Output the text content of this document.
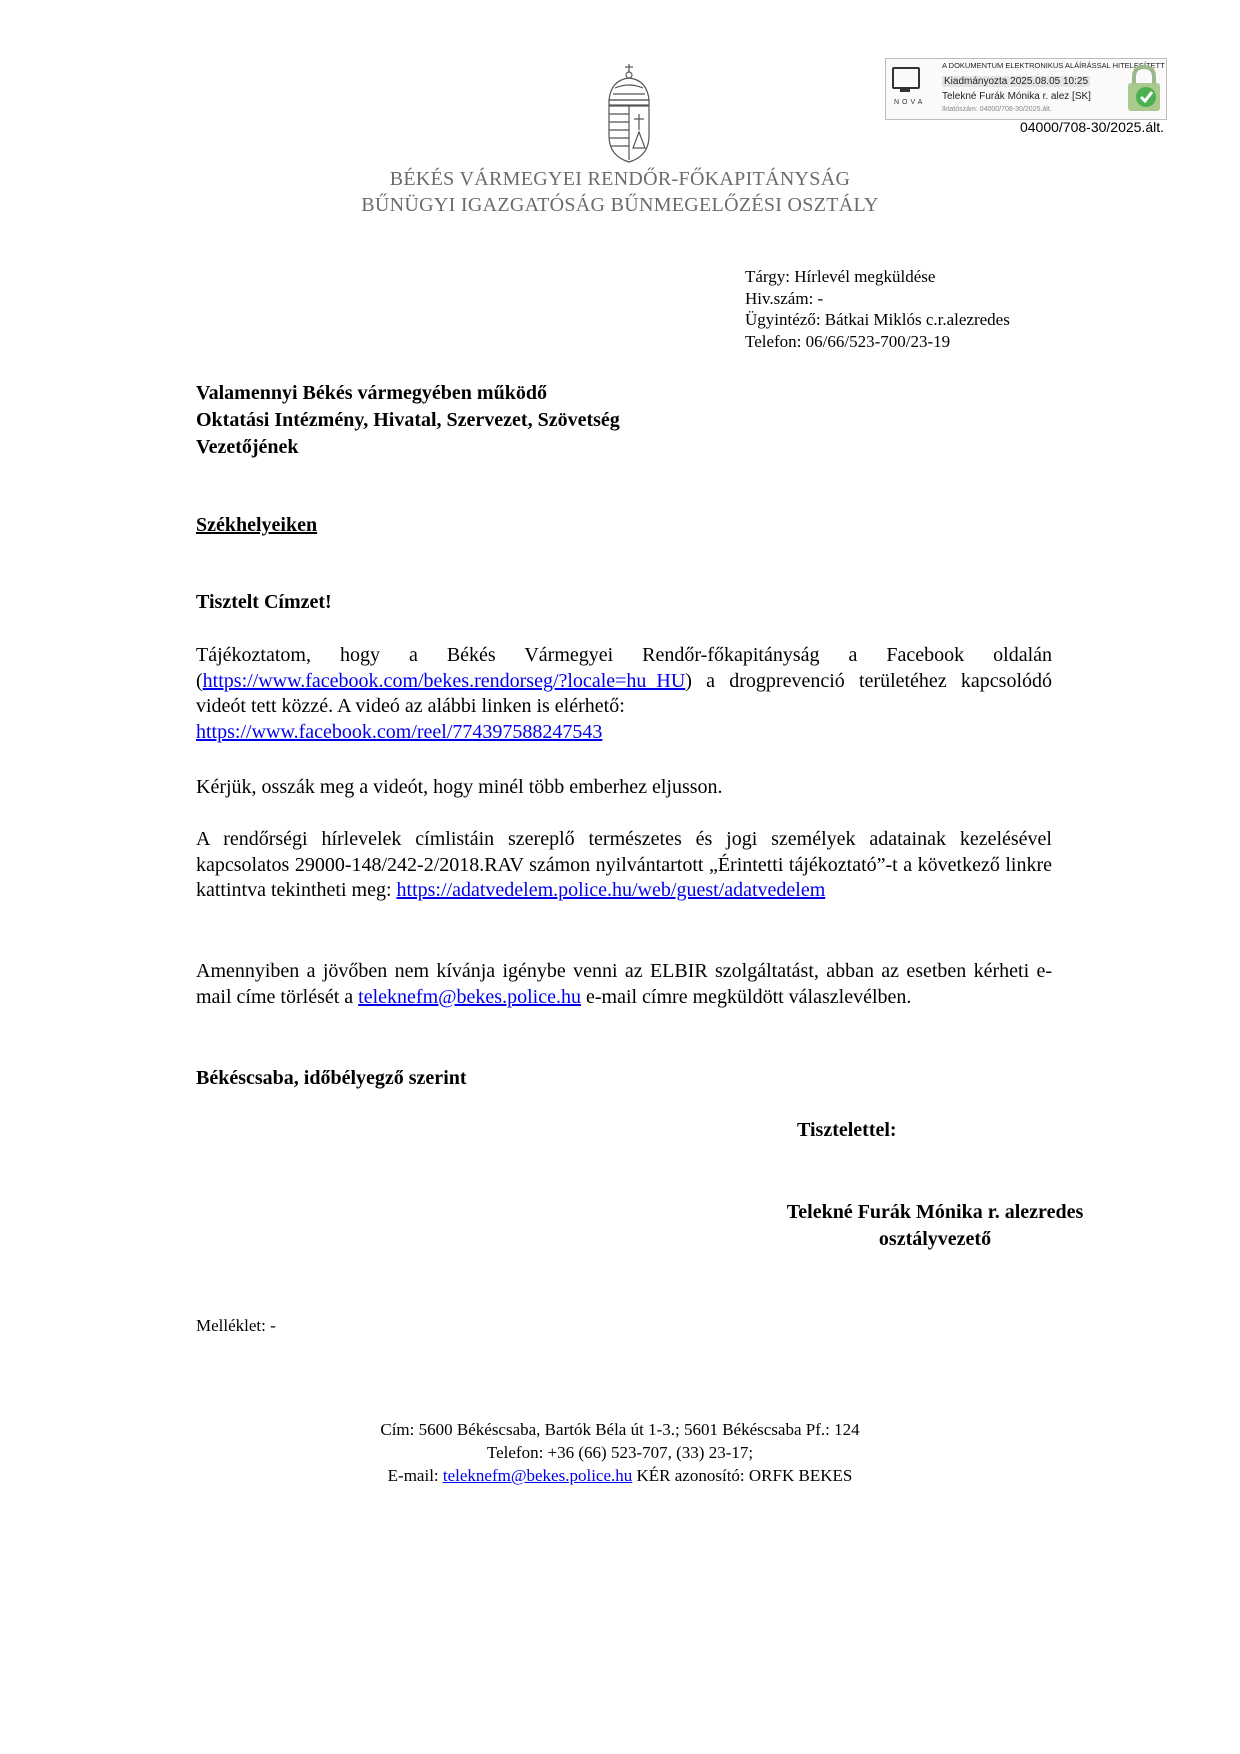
NOVA
A DOKUMENTUM ELEKTRONIKUS ALÁÍRÁSSAL HITELESÍTETT
Kiadmányozta 2025.08.05 10:25
Telekné Furák Mónika r. alez [SK]
Iktatószám: 04000/708-30/2025.ált.
04000/708-30/2025.ált.
BÉKÉS VÁRMEGYEI RENDŐR-FŐKAPITÁNYSÁG
BŰNÜGYI IGAZGATÓSÁG BŰNMEGELŐZÉSI OSZTÁLY
Tárgy: Hírlevél megküldése
Hiv.szám: -
Ügyintéző: Bátkai Miklós c.r.alezredes
Telefon: 06/66/523-700/23-19
Valamennyi Békés vármegyében működő
Oktatási Intézmény, Hivatal, Szervezet, Szövetség
Vezetőjének
Székhelyeiken
Tisztelt Címzet!
Tájékoztatom, hogy a Békés Vármegyei Rendőr-főkapitányság a Facebook oldalán (https://www.facebook.com/bekes.rendorseg/?locale=hu_HU) a drogprevenció területéhez kapcsolódó videót tett közzé. A videó az alábbi linken is elérhető:
https://www.facebook.com/reel/774397588247543
Kérjük, osszák meg a videót, hogy minél több emberhez eljusson.
A rendőrségi hírlevelek címlistáin szereplő természetes és jogi személyek adatainak kezelésével kapcsolatos 29000-148/242-2/2018.RAV számon nyilvántartott „Érintetti tájékoztató”-t a következő linkre kattintva tekintheti meg: https://adatvedelem.police.hu/web/guest/adatvedelem
Amennyiben a jövőben nem kívánja igénybe venni az ELBIR szolgáltatást, abban az esetben kérheti e-mail címe törlését a teleknefm@bekes.police.hu e-mail címre megküldött válaszlevélben.
Békéscsaba, időbélyegző szerint
Tisztelettel:
Telekné Furák Mónika r. alezredes
osztályvezető
Melléklet: -
Cím: 5600 Békéscsaba, Bartók Béla út 1-3.; 5601 Békéscsaba Pf.: 124
Telefon: +36 (66) 523-707, (33) 23-17;
E-mail: teleknefm@bekes.police.hu KÉR azonosító: ORFK BEKES
